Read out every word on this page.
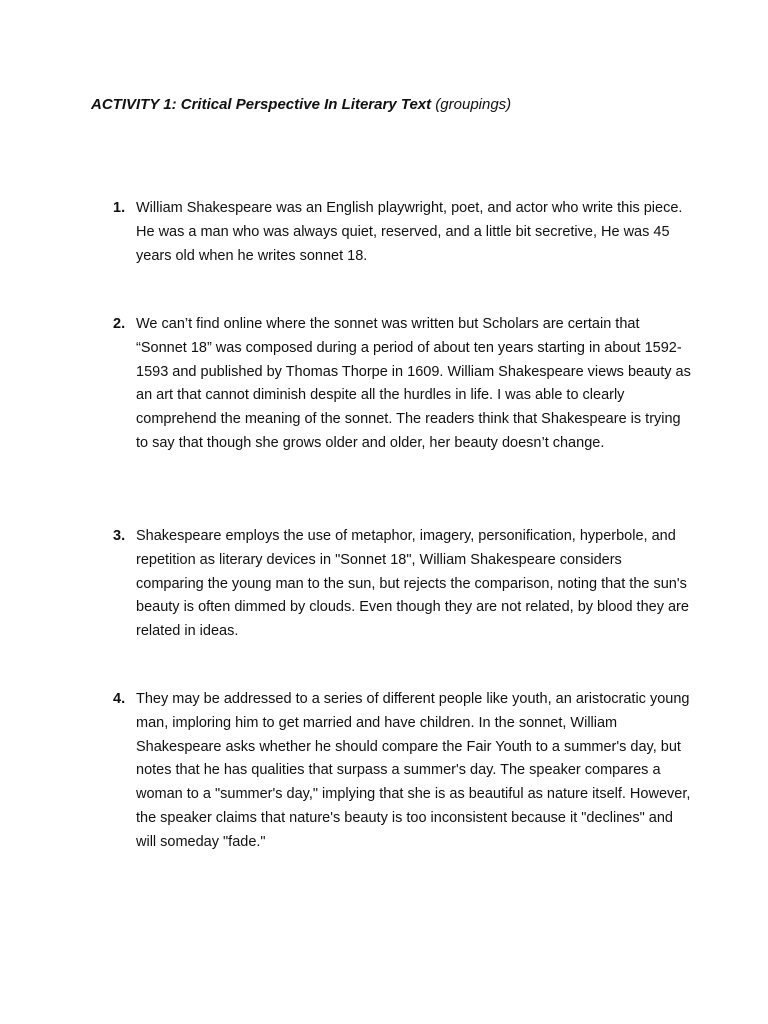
ACTIVITY 1: Critical Perspective In Literary Text (groupings)
1. William Shakespeare was an English playwright, poet, and actor who write this piece. He was a man who was always quiet, reserved, and a little bit secretive, He was 45 years old when he writes sonnet 18.

2. We can’t find online where the sonnet was written but Scholars are certain that “Sonnet 18” was composed during a period of about ten years starting in about 1592-1593 and published by Thomas Thorpe in 1609. William Shakespeare views beauty as an art that cannot diminish despite all the hurdles in life. I was able to clearly comprehend the meaning of the sonnet. The readers think that Shakespeare is trying to say that though she grows older and older, her beauty doesn’t change.

3. Shakespeare employs the use of metaphor, imagery, personification, hyperbole, and repetition as literary devices in "Sonnet 18", William Shakespeare considers comparing the young man to the sun, but rejects the comparison, noting that the sun's beauty is often dimmed by clouds. Even though they are not related, by blood they are related in ideas.

4. They may be addressed to a series of different people like youth, an aristocratic young man, imploring him to get married and have children. In the sonnet, William Shakespeare asks whether he should compare the Fair Youth to a summer's day, but notes that he has qualities that surpass a summer's day. The speaker compares a woman to a "summer's day," implying that she is as beautiful as nature itself. However, the speaker claims that nature's beauty is too inconsistent because it "declines" and will someday "fade."
